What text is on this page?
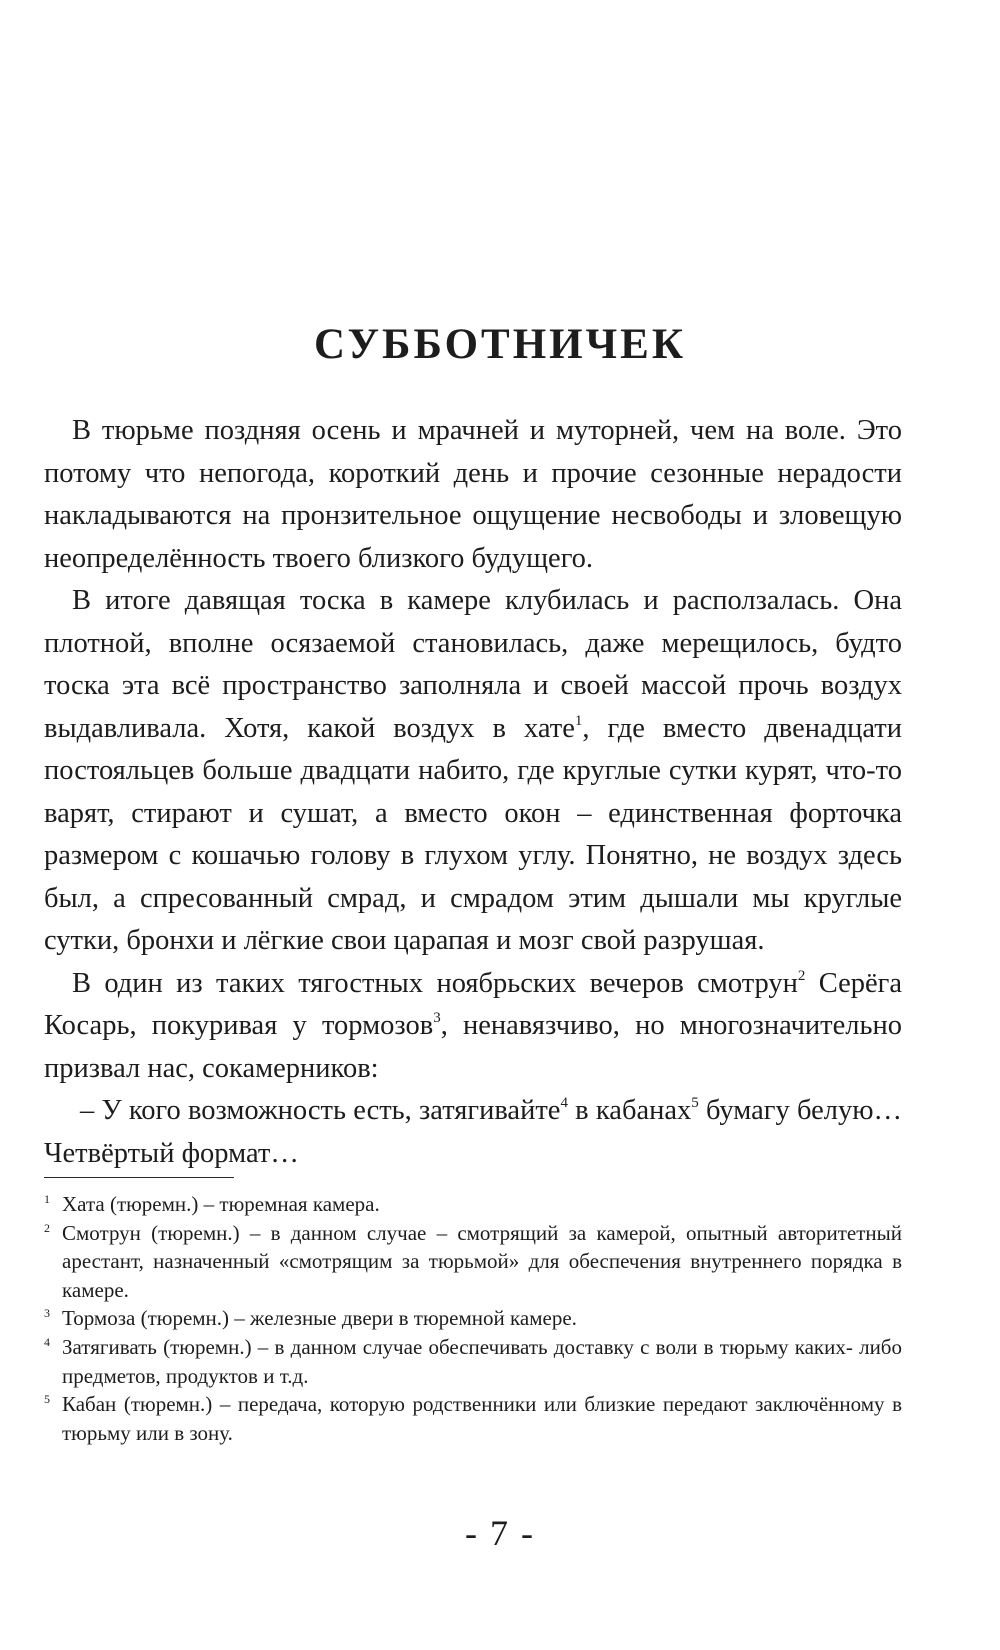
СУББОТНИЧЕК

В тюрьме поздняя осень и мрачней и муторней, чем на воле. Это потому что непогода, короткий день и прочие сезонные нерадости накладываются на пронзительное ощущение несвободы и зловещую неопределённость твоего близкого будущего.

В итоге давящая тоска в камере клубилась и расползалась. Она плотной, вполне осязаемой становилась, даже мерещилось, будто тоска эта всё пространство заполняла и своей массой прочь воздух выдавливала. Хотя, какой воздух в хате$^1$, где вместо двенадцати постояльцев больше двадцати набито, где круглые сутки курят, что-то варят, стирают и сушат, а вместо окон – единственная форточка размером с кошачью голову в глухом углу. Понятно, не воздух здесь был, а спресованный смрад, и смрадом этим дышали мы круглые сутки, бронхи и лёгкие свои царапая и мозг свой разрушая.

В один из таких тягостных ноябрьских вечеров смотрун$^2$ Серёга Косарь, покуривая у тормозов$^3$, ненавязчиво, но многозначительно призвал нас, сокамерников:

– У кого возможность есть, затягивайте$^4$ в кабанах$^5$ бумагу белую… Четвёртый формат…

1 Хата (тюремн.) – тюремная камера.
2 Смотрун (тюремн.) – в данном случае – смотрящий за камерой, опытный авторитетный арестант, назначенный «смотрящим за тюрьмой» для обеспечения внутреннего порядка в камере.
3 Тормоза (тюремн.) – железные двери в тюремной камере.
4 Затягивать (тюремн.) – в данном случае обеспечивать доставку с воли в тюрьму каких- либо предметов, продуктов и т.д.
5 Кабан (тюремн.) – передача, которую родственники или близкие передают заключённому в тюрьму или в зону.

- 7 -
